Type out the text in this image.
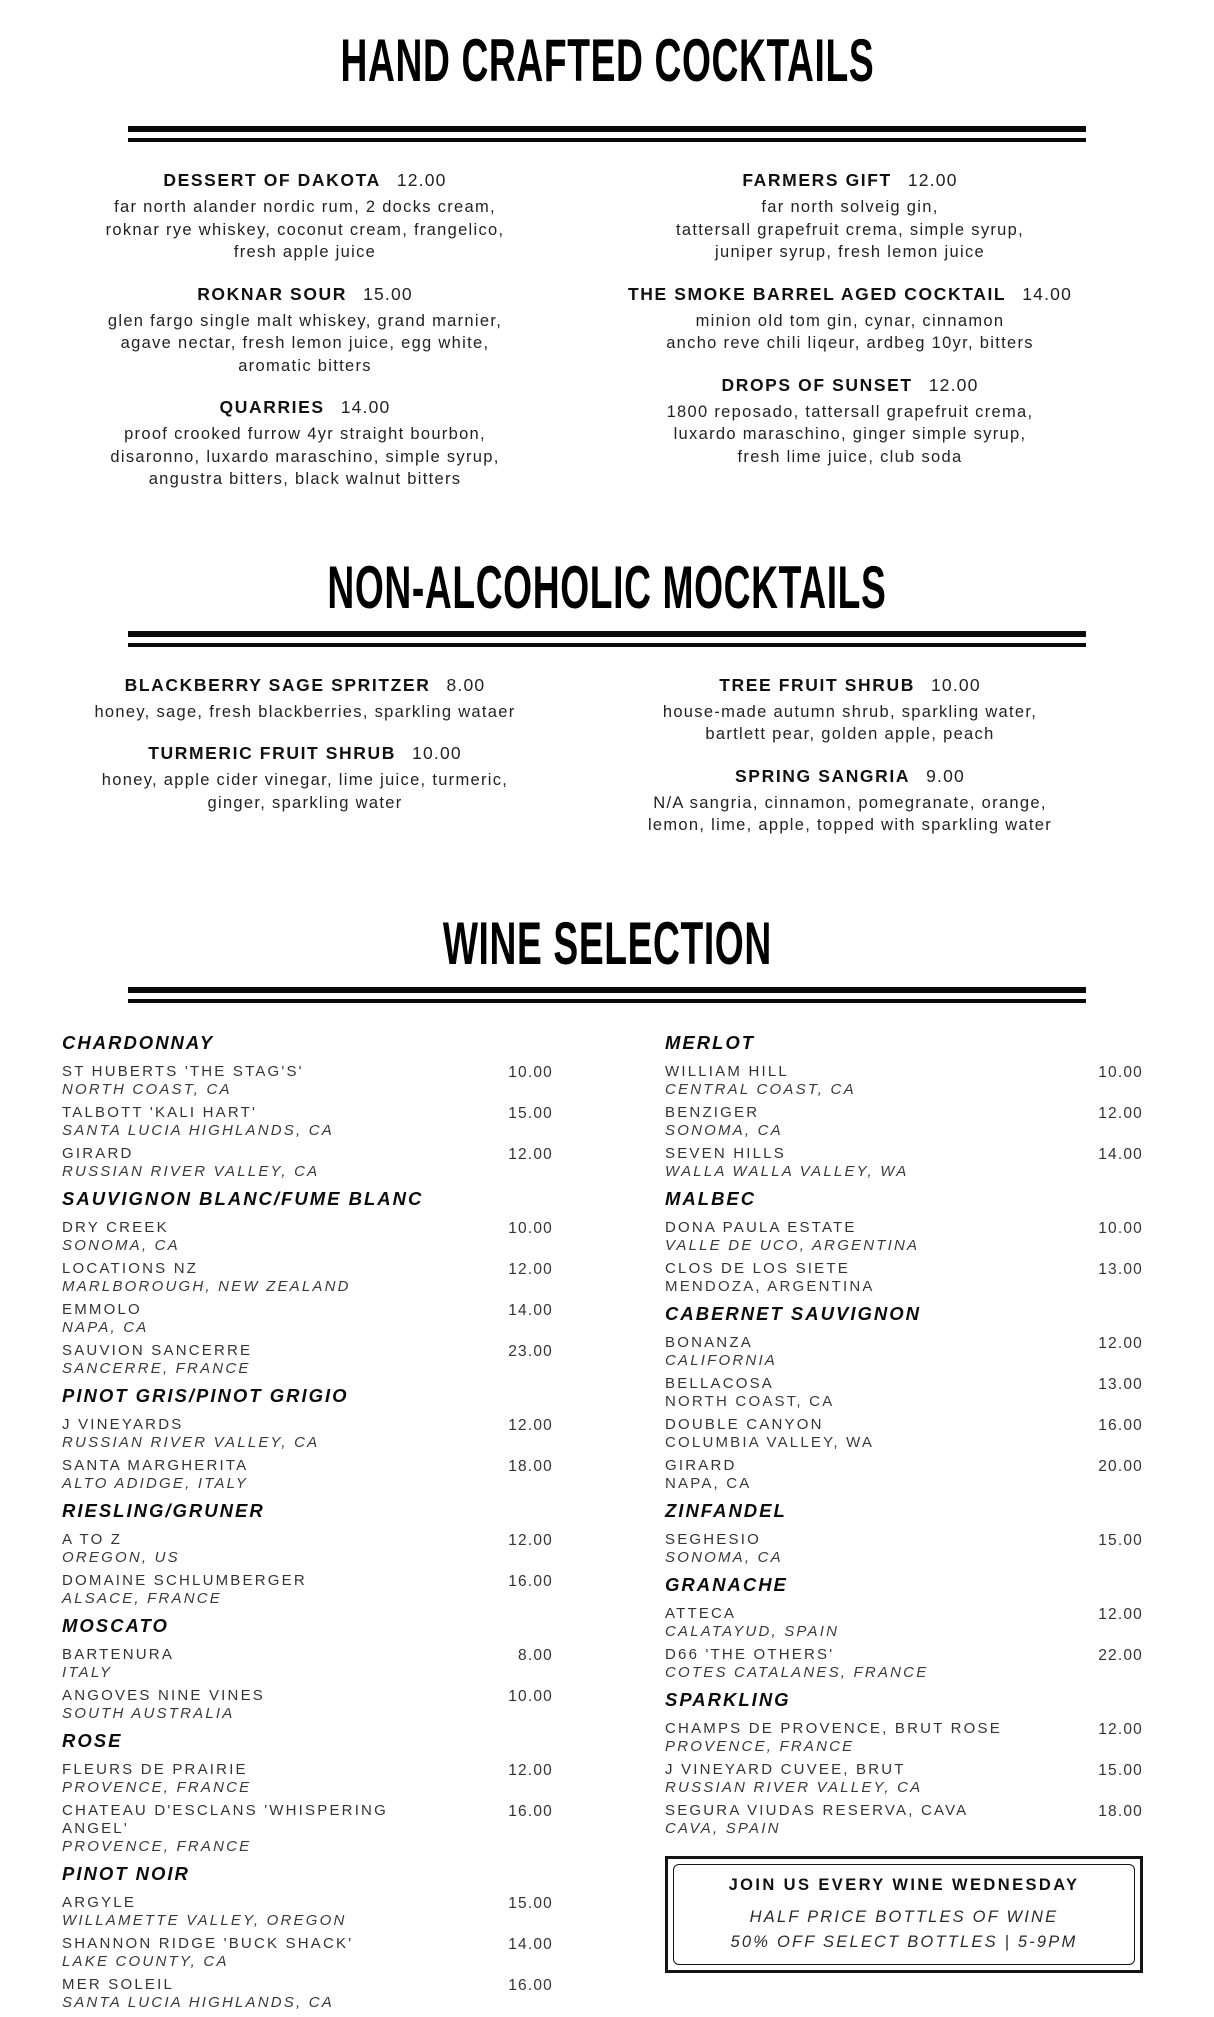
HAND CRAFTED COCKTAILS
DESSERT OF DAKOTA 12.00
far north alander nordic rum, 2 docks cream,
roknar rye whiskey, coconut cream, frangelico,
fresh apple juice
ROKNAR SOUR 15.00
glen fargo single malt whiskey, grand marnier,
agave nectar, fresh lemon juice, egg white,
aromatic bitters
QUARRIES 14.00
proof crooked furrow 4yr straight bourbon,
disaronno, luxardo maraschino, simple syrup,
angustra bitters, black walnut bitters
FARMERS GIFT 12.00
far north solveig gin,
tattersall grapefruit crema, simple syrup,
juniper syrup, fresh lemon juice
THE SMOKE BARREL AGED COCKTAIL 14.00
minion old tom gin, cynar, cinnamon
ancho reve chili liqeur, ardbeg 10yr, bitters
DROPS OF SUNSET 12.00
1800 reposado, tattersall grapefruit crema,
luxardo maraschino, ginger simple syrup,
fresh lime juice, club soda
NON-ALCOHOLIC MOCKTAILS
BLACKBERRY SAGE SPRITZER 8.00
honey, sage, fresh blackberries, sparkling wataer
TURMERIC FRUIT SHRUB 10.00
honey, apple cider vinegar, lime juice, turmeric,
ginger, sparkling water
TREE FRUIT SHRUB 10.00
house-made autumn shrub, sparkling water,
bartlett pear, golden apple, peach
SPRING SANGRIA 9.00
N/A sangria, cinnamon, pomegranate, orange,
lemon, lime, apple, topped with sparkling water
WINE SELECTION
CHARDONNAY
ST HUBERTS 'THE STAG'S'
NORTH COAST, CA
10.00
TALBOTT 'KALI HART'
SANTA LUCIA HIGHLANDS, CA
15.00
GIRARD
RUSSIAN RIVER VALLEY, CA
12.00
SAUVIGNON BLANC/FUME BLANC
DRY CREEK
SONOMA, CA
10.00
LOCATIONS NZ
MARLBOROUGH, NEW ZEALAND
12.00
EMMOLO
NAPA, CA
14.00
SAUVION SANCERRE
SANCERRE, FRANCE
23.00
PINOT GRIS/PINOT GRIGIO
J VINEYARDS
RUSSIAN RIVER VALLEY, CA
12.00
SANTA MARGHERITA
ALTO ADIDGE, ITALY
18.00
RIESLING/GRUNER
A TO Z
OREGON, US
12.00
DOMAINE SCHLUMBERGER
ALSACE, FRANCE
16.00
MOSCATO
BARTENURA
ITALY
8.00
ANGOVES NINE VINES
SOUTH AUSTRALIA
10.00
ROSE
FLEURS DE PRAIRIE
PROVENCE, FRANCE
12.00
CHATEAU D'ESCLANS 'WHISPERING ANGEL'
PROVENCE, FRANCE
16.00
PINOT NOIR
ARGYLE
WILLAMETTE VALLEY, OREGON
15.00
SHANNON RIDGE 'BUCK SHACK'
LAKE COUNTY, CA
14.00
MER SOLEIL
SANTA LUCIA HIGHLANDS, CA
16.00
MERLOT
WILLIAM HILL
CENTRAL COAST, CA
10.00
BENZIGER
SONOMA, CA
12.00
SEVEN HILLS
WALLA WALLA VALLEY, WA
14.00
MALBEC
DONA PAULA ESTATE
VALLE DE UCO, ARGENTINA
10.00
CLOS DE LOS SIETE
MENDOZA, ARGENTINA
13.00
CABERNET SAUVIGNON
BONANZA
CALIFORNIA
12.00
BELLACOSA
NORTH COAST, CA
13.00
DOUBLE CANYON
COLUMBIA VALLEY, WA
16.00
GIRARD
NAPA, CA
20.00
ZINFANDEL
SEGHESIO
SONOMA, CA
15.00
GRANACHE
ATTECA
CALATAYUD, SPAIN
12.00
D66 'THE OTHERS'
COTES CATALANES, FRANCE
22.00
SPARKLING
CHAMPS DE PROVENCE, BRUT ROSE
PROVENCE, FRANCE
12.00
J VINEYARD CUVEE, BRUT
RUSSIAN RIVER VALLEY, CA
15.00
SEGURA VIUDAS RESERVA, CAVA
CAVA, SPAIN
18.00
JOIN US EVERY WINE WEDNESDAY
HALF PRICE BOTTLES OF WINE
50% OFF SELECT BOTTLES | 5-9PM
